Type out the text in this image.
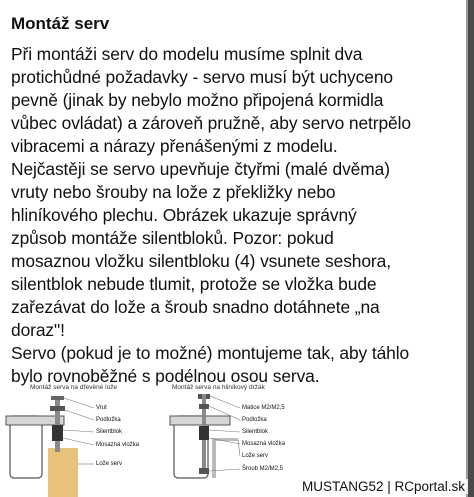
Montáž serv
Při montáži serv do modelu musíme splnit dva
protichůdné požadavky - servo musí být uchyceno
pevně (jinak by nebylo možno připojená kormidla
vůbec ovládat) a zároveň pružně, aby servo netrpělo
vibracemi a nárazy přenášenými z modelu.
Nejčastěji se servo upevňuje čtyřmi (malé dvěma)
vruty nebo šrouby na lože z překližky nebo
hliníkového plechu. Obrázek ukazuje správný
způsob montáže silentbloků. Pozor: pokud
mosaznou vložku silentbloku (4) vsunete seshora,
silentblok nebude tlumit, protože se vložka bude
zařezávat do lože a šroub snadno dotáhnete „na
doraz"!
Servo (pokud je to možné) montujeme tak, aby táhlo
bylo rovnoběžné s podélnou osou serva.
Montáž serva na dřevěné lože	Montáž serva na hliníkový držák
Vrut
Podložka
Silentblok
Mosazná vložka
Lože serv
Matice M2/M2,5
Podložka
Silentblok
Mosazná vložka
Lože serv
Šroub M2/M2,5
MUSTANG52 | RCportal.sk
